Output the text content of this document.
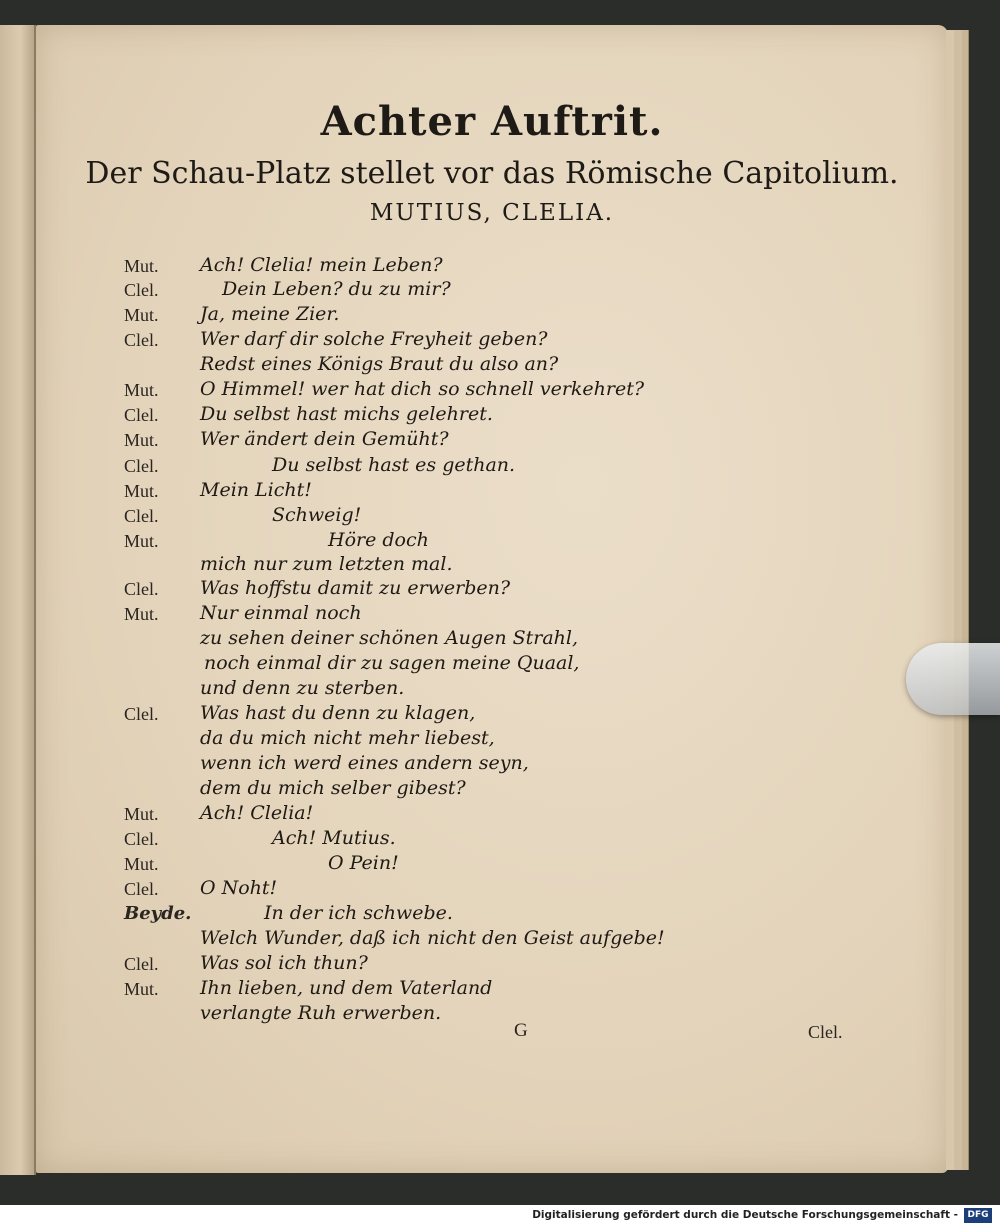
Achter Auftrit.
Der Schau-Platz stellet vor das Römische Capitolium.
MUTIUS, CLELIA.
Mut. Ach! Clelia! mein Leben?
Clel.	Dein Leben? du zu mir?
Mut. Ja, meine Zier.
Clel. Wer darf dir solche Freyheit geben?
Redst eines Königs Braut du also an?
Mut. O Himmel! wer hat dich so schnell verkehret?
Clel. Du selbst hast michs gelehret.
Mut. Wer ändert dein Gemüht?
Clel.	Du selbst hast es gethan.
Mut. Mein Licht!
Clel.	Schweig!
Mut.	Höre doch
mich nur zum letzten mal.
Clel. Was hoffstu damit zu erwerben?
Mut. Nur einmal noch
zu sehen deiner schönen Augen Strahl,
noch einmal dir zu sagen meine Quaal,
und denn zu sterben.
Clel. Was hast du denn zu klagen,
da du mich nicht mehr liebest,
wenn ich werd eines andern seyn,
dem du mich selber gibest?
Mut. Ach! Clelia!
Clel.	Ach! Mutius.
Mut.	O Pein!
Clel. O Noht!
Beyde.	In der ich schwebe.
Welch Wunder, daß ich nicht den Geist aufgebe!
Clel. Was sol ich thun?
Mut. Ihn lieben, und dem Vaterland
verlangte Ruh erwerben.
G	Clel.
Digitalisierung gefördert durch die Deutsche Forschungsgemeinschaft -	DFG
